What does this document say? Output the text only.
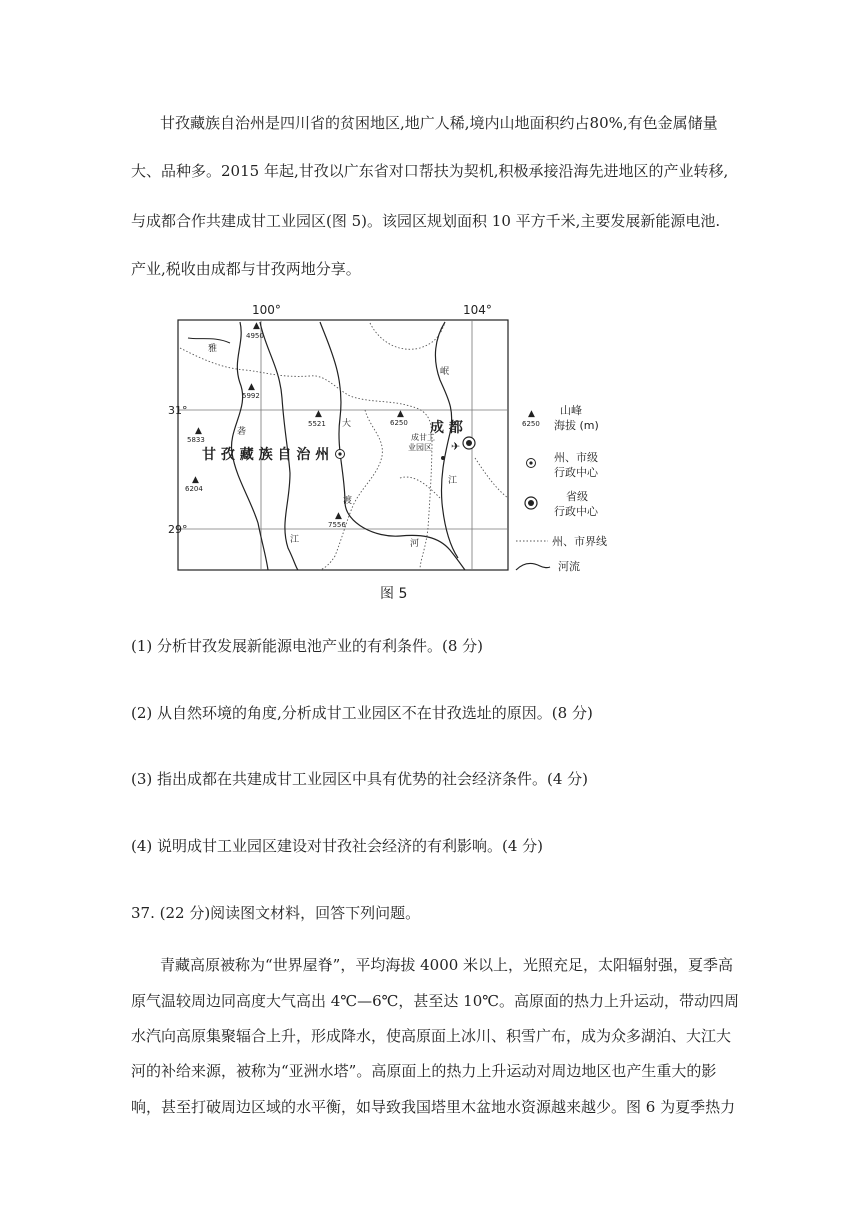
甘孜藏族自治州是四川省的贫困地区,地广人稀,境内山地面积约占80%,有色金属储量
大、品种多。2015 年起,甘孜以广东省对口帮扶为契机,积极承接沿海先进地区的产业转移,
与成都合作共建成甘工业园区(图 5)。该园区规划面积 10 平方千米,主要发展新能源电池.
产业,税收由成都与甘孜两地分享。
100°	104°
31°
29°
▲
4950
▲
5992
▲
5833
▲
6204
▲
5521
▲
6250
▲
7556
雅
砻
大
渡
岷
江
江	河
甘 孜 藏 族 自 治 州
成 都
✈
成甘工
业园区
▲
6250
山峰
海拔 (m)
州、市级
行政中心
省级
行政中心
州、市界线
河流
图 5
(1) 分析甘孜发展新能源电池产业的有利条件。(8 分)
(2) 从自然环境的角度,分析成甘工业园区不在甘孜选址的原因。(8 分)
(3) 指出成都在共建成甘工业园区中具有优势的社会经济条件。(4 分)
(4) 说明成甘工业园区建设对甘孜社会经济的有利影响。(4 分)
37. (22 分)阅读图文材料，回答下列问题。
青藏高原被称为“世界屋脊”，平均海拔 4000 米以上，光照充足，太阳辐射强，夏季高
原气温较周边同高度大气高出 4℃—6℃，甚至达 10℃。高原面的热力上升运动，带动四周
水汽向高原集聚辐合上升，形成降水，使高原面上冰川、积雪广布，成为众多湖泊、大江大
河的补给来源，被称为“亚洲水塔”。高原面上的热力上升运动对周边地区也产生重大的影
响，甚至打破周边区域的水平衡，如导致我国塔里木盆地水资源越来越少。图 6 为夏季热力
